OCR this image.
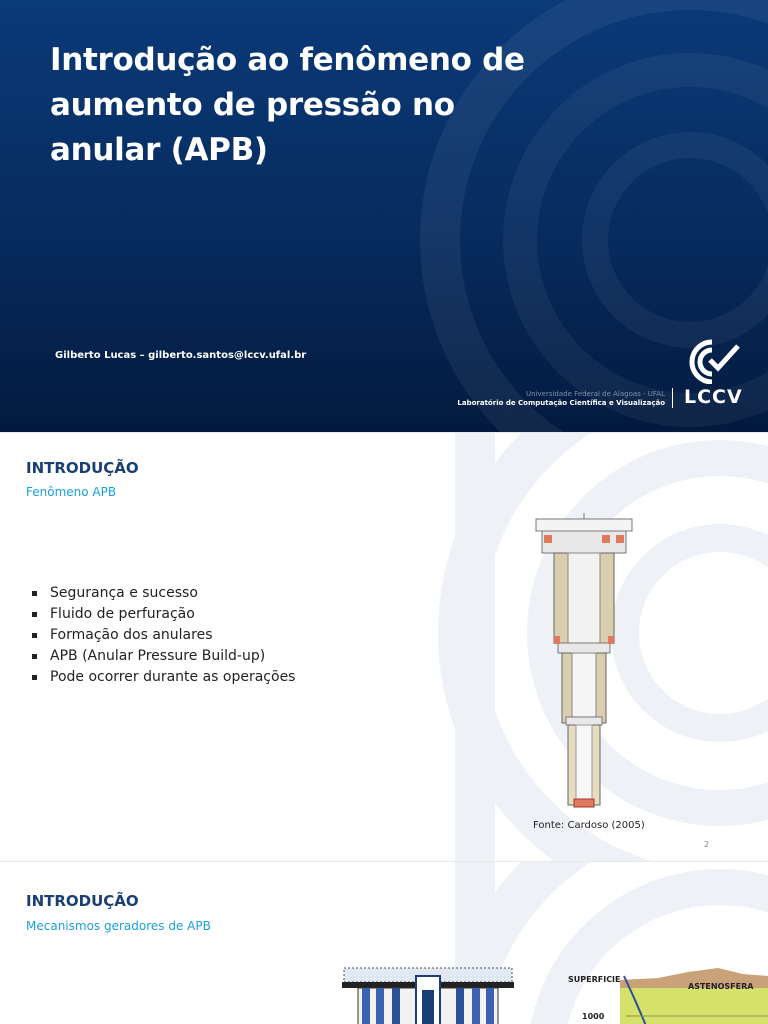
Introdução ao fenômeno de aumento de pressão no anular (APB)
Gilberto Lucas – gilberto.santos@lccv.ufal.br
Universidade Federal de Alagoas - UFAL
Laboratório de Computação Científica e Visualização LCCV
INTRODUÇÃO
Fenômeno APB
Segurança e sucesso
Fluido de perfuração
Formação dos anulares
APB (Anular Pressure Build-up)
Pode ocorrer durante as operações
Fonte: Cardoso (2005)
2
INTRODUÇÃO
Mecanismos geradores de APB
SUPERFICIE
ASTENOSFERA
1000
